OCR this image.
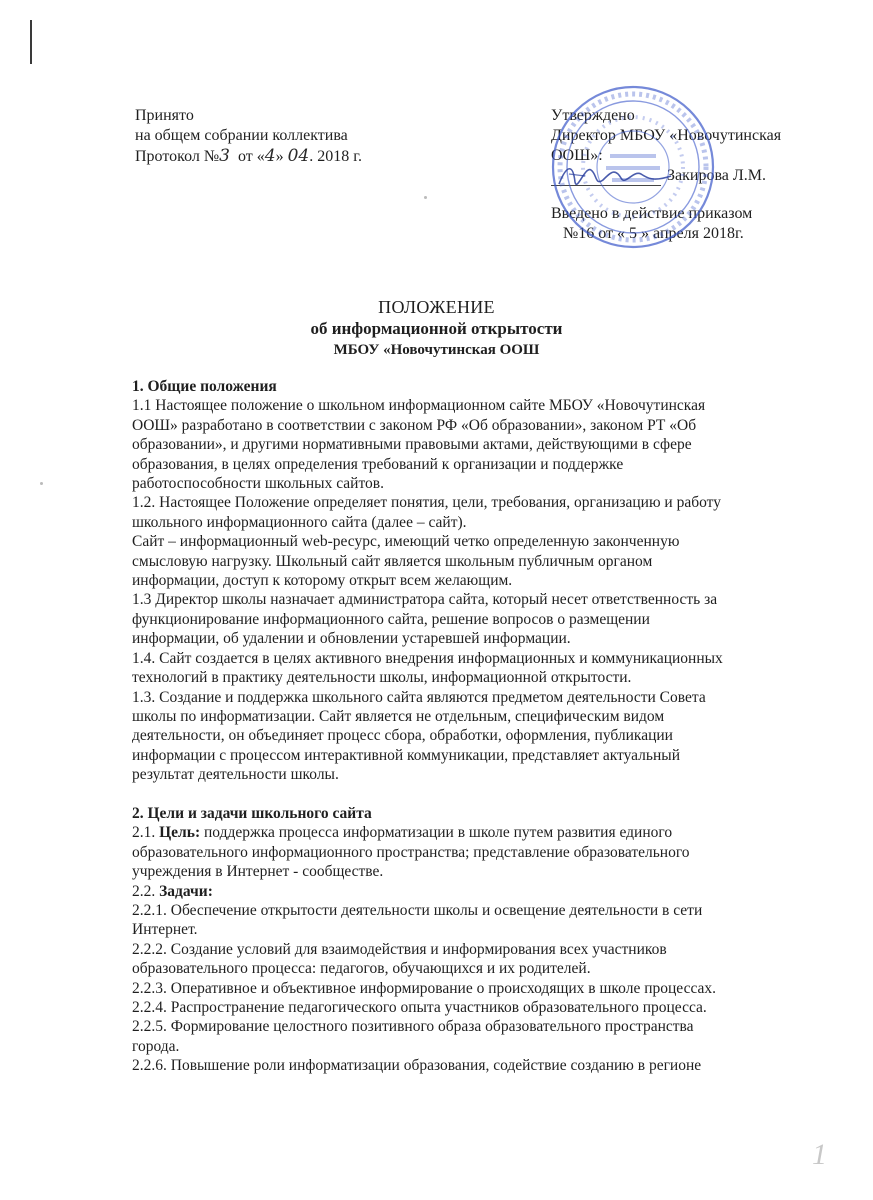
Принято
на общем собрании коллектива
Протокол №3 от «4» 04. 2018 г.
Утверждено
Директор МБОУ «Новочутинская
ООШ»:
Закирова Л.М.
Введено в действие приказом
№16 от « 5 » апреля 2018г.
ПОЛОЖЕНИЕ
об информационной открытости
МБОУ «Новочутинская ООШ

1. Общие положения

1.1 Настоящее положение о школьном информационном сайте МБОУ «Новочутинская

ООШ» разработано в соответствии с законом РФ «Об образовании», законом РТ «Об

образовании», и другими нормативными правовыми актами, действующими в сфере

образования, в целях определения требований к организации и поддержке

работоспособности школьных сайтов.

1.2. Настоящее Положение определяет понятия, цели, требования, организацию и работу

школьного информационного сайта (далее – сайт).

Сайт – информационный web-ресурс, имеющий четко определенную законченную

смысловую нагрузку. Школьный сайт является школьным публичным органом

информации, доступ к которому открыт всем желающим.

1.3 Директор школы назначает администратора сайта, который несет ответственность за

функционирование информационного сайта, решение вопросов о размещении

информации, об удалении и обновлении устаревшей информации.

1.4. Сайт создается в целях активного внедрения информационных и коммуникационных

технологий в практику деятельности школы, информационной открытости.

1.3. Создание и поддержка школьного сайта являются предметом деятельности Совета

школы по информатизации. Сайт является не отдельным, специфическим видом

деятельности, он объединяет процесс сбора, обработки, оформления, публикации

информации с процессом интерактивной коммуникации, представляет актуальный

результат деятельности школы.

2. Цели и задачи школьного сайта

2.1. Цель: поддержка процесса информатизации в школе путем развития единого

образовательного информационного пространства; представление образовательного

учреждения в Интернет - сообществе.

2.2. Задачи:

2.2.1. Обеспечение открытости деятельности школы и освещение деятельности в сети

Интернет.

2.2.2. Создание условий для взаимодействия и информирования всех участников

образовательного процесса: педагогов, обучающихся и их родителей.

2.2.3. Оперативное и объективное информирование о происходящих в школе процессах.

2.2.4. Распространение педагогического опыта участников образовательного процесса.

2.2.5. Формирование целостного позитивного образа образовательного пространства

города.

2.2.6. Повышение роли информатизации образования, содействие созданию в регионе

1
